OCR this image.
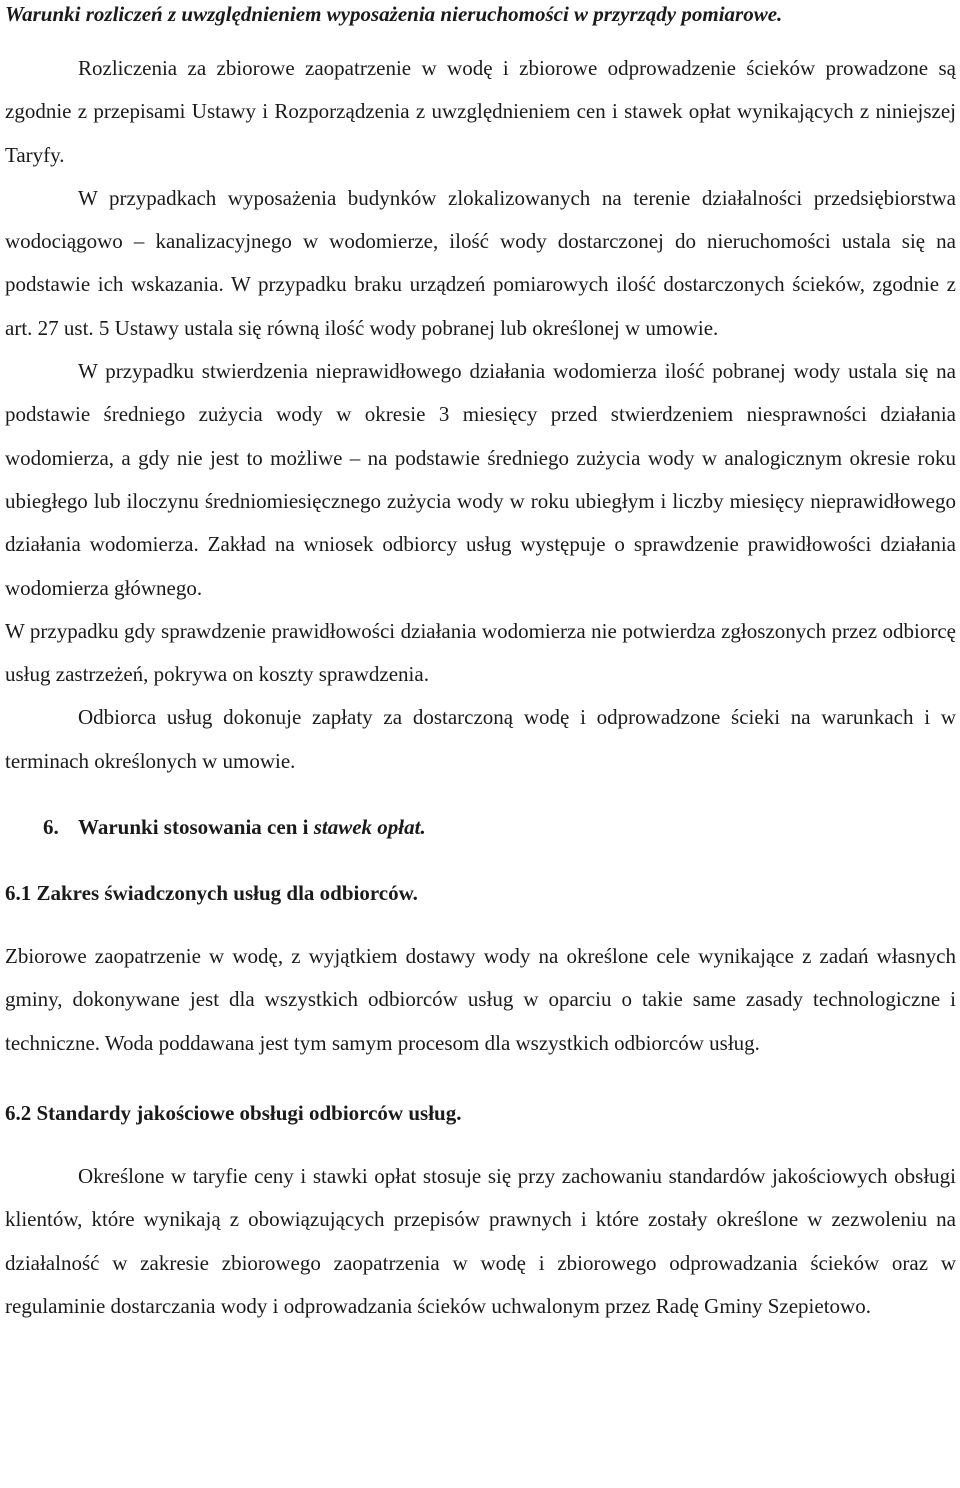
Warunki rozliczeń z uwzględnieniem wyposażenia nieruchomości w przyrządy pomiarowe.

Rozliczenia za zbiorowe zaopatrzenie w wodę i zbiorowe odprowadzenie ścieków prowadzone są zgodnie z przepisami Ustawy i Rozporządzenia z uwzględnieniem cen i stawek opłat wynikających z niniejszej Taryfy.

W przypadkach wyposażenia budynków zlokalizowanych na terenie działalności przedsiębiorstwa wodociągowo – kanalizacyjnego w wodomierze, ilość wody dostarczonej do nieruchomości ustala się na podstawie ich wskazania. W przypadku braku urządzeń pomiarowych ilość dostarczonych ścieków, zgodnie z art. 27 ust. 5 Ustawy ustala się równą ilość wody pobranej lub określonej w umowie.

W przypadku stwierdzenia nieprawidłowego działania wodomierza ilość pobranej wody ustala się na podstawie średniego zużycia wody w okresie 3 miesięcy przed stwierdzeniem niesprawności działania wodomierza, a gdy nie jest to możliwe – na podstawie średniego zużycia wody w analogicznym okresie roku ubiegłego lub iloczynu średniomiesięcznego zużycia wody w roku ubiegłym i liczby miesięcy nieprawidłowego działania wodomierza. Zakład na wniosek odbiorcy usług występuje o sprawdzenie prawidłowości działania wodomierza głównego.

W przypadku gdy sprawdzenie prawidłowości działania wodomierza nie potwierdza zgłoszonych przez odbiorcę usług zastrzeżeń, pokrywa on koszty sprawdzenia.

Odbiorca usług dokonuje zapłaty za dostarczoną wodę i odprowadzone ścieki na warunkach i w terminach określonych w umowie.

6. Warunki stosowania cen i stawek opłat.

6.1 Zakres świadczonych usług dla odbiorców.

Zbiorowe zaopatrzenie w wodę, z wyjątkiem dostawy wody na określone cele wynikające z zadań własnych gminy, dokonywane jest dla wszystkich odbiorców usług w oparciu o takie same zasady technologiczne i techniczne. Woda poddawana jest tym samym procesom dla wszystkich odbiorców usług.

6.2 Standardy jakościowe obsługi odbiorców usług.

Określone w taryfie ceny i stawki opłat stosuje się przy zachowaniu standardów jakościowych obsługi klientów, które wynikają z obowiązujących przepisów prawnych i które zostały określone w zezwoleniu na działalność w zakresie zbiorowego zaopatrzenia w wodę i zbiorowego odprowadzania ścieków oraz w regulaminie dostarczania wody i odprowadzania ścieków uchwalonym przez Radę Gminy Szepietowo.
